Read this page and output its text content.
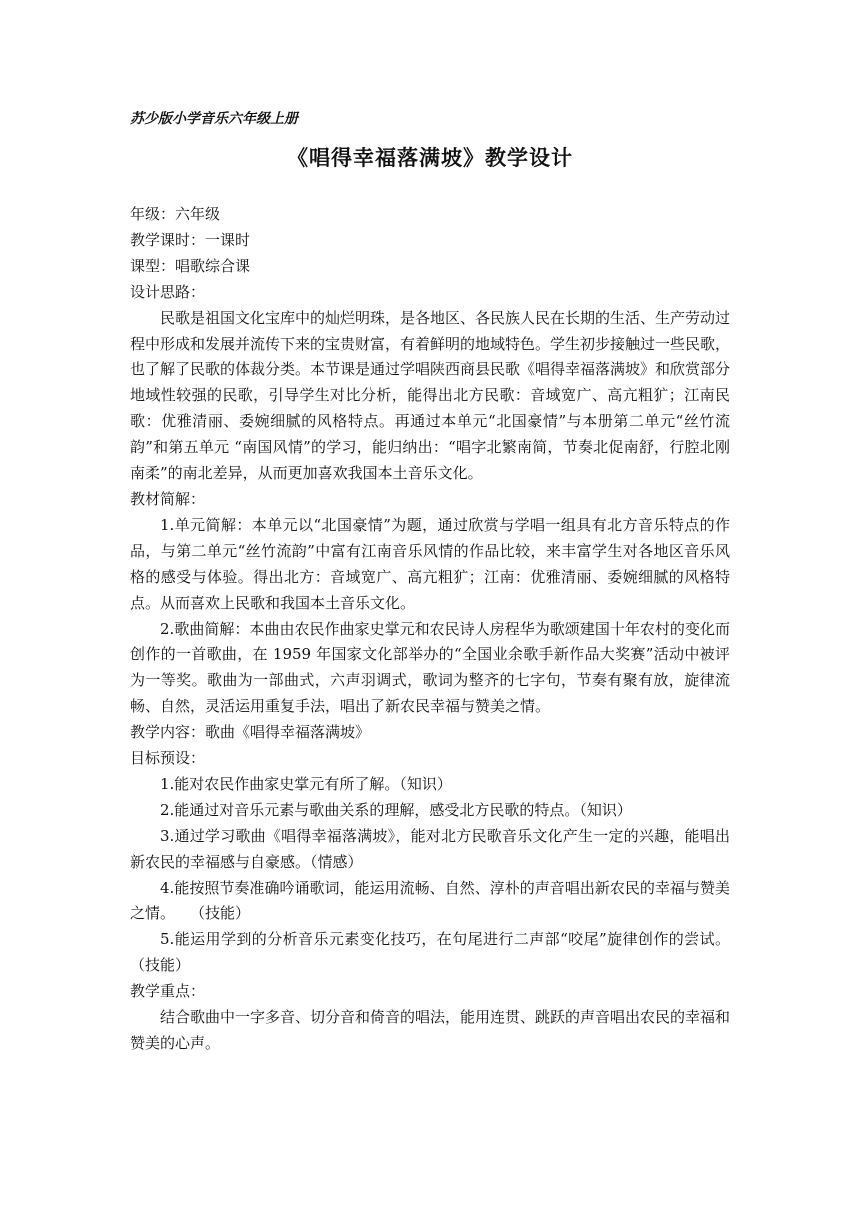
苏少版小学音乐六年级上册
《唱得幸福落满坡》教学设计

年级：六年级

教学课时：一课时

课型：唱歌综合课

设计思路：

民歌是祖国文化宝库中的灿烂明珠，是各地区、各民族人民在长期的生活、生产劳动过程中形成和发展并流传下来的宝贵财富，有着鲜明的地域特色。学生初步接触过一些民歌，也了解了民歌的体裁分类。本节课是通过学唱陕西商县民歌《唱得幸福落满坡》和欣赏部分地域性较强的民歌，引导学生对比分析，能得出北方民歌：音域宽广、高亢粗犷；江南民歌：优雅清丽、委婉细腻的风格特点。再通过本单元“北国豪情”与本册第二单元“丝竹流韵”和第五单元 “南国风情”的学习，能归纳出：“唱字北繁南简，节奏北促南舒，行腔北刚南柔”的南北差异，从而更加喜欢我国本土音乐文化。

教材简解：

1.单元简解：本单元以“北国豪情”为题，通过欣赏与学唱一组具有北方音乐特点的作品，与第二单元“丝竹流韵”中富有江南音乐风情的作品比较，来丰富学生对各地区音乐风格的感受与体验。得出北方：音域宽广、高亢粗犷；江南：优雅清丽、委婉细腻的风格特点。从而喜欢上民歌和我国本土音乐文化。

2.歌曲简解：本曲由农民作曲家史掌元和农民诗人房程华为歌颂建国十年农村的变化而创作的一首歌曲，在 1959 年国家文化部举办的“全国业余歌手新作品大奖赛”活动中被评为一等奖。歌曲为一部曲式，六声羽调式，歌词为整齐的七字句，节奏有聚有放，旋律流畅、自然，灵活运用重复手法，唱出了新农民幸福与赞美之情。

教学内容：歌曲《唱得幸福落满坡》

目标预设：

1.能对农民作曲家史掌元有所了解。（知识）

2.能通过对音乐元素与歌曲关系的理解，感受北方民歌的特点。（知识）

3.通过学习歌曲《唱得幸福落满坡》，能对北方民歌音乐文化产生一定的兴趣，能唱出新农民的幸福感与自豪感。（情感）

4.能按照节奏准确吟诵歌词，能运用流畅、自然、淳朴的声音唱出新农民的幸福与赞美之情。　　（技能）

5.能运用学到的分析音乐元素变化技巧，在句尾进行二声部“咬尾”旋律创作的尝试。（技能）

教学重点：

结合歌曲中一字多音、切分音和倚音的唱法，能用连贯、跳跃的声音唱出农民的幸福和赞美的心声。
